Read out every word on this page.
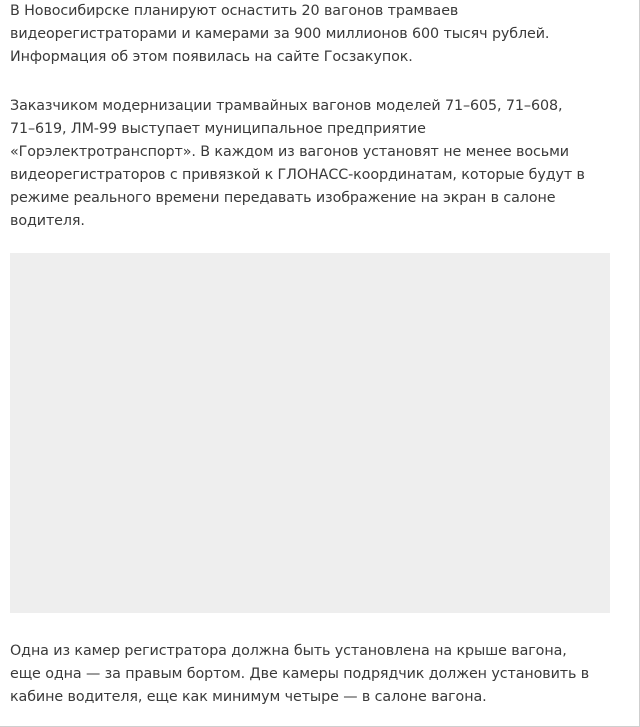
В Новосибирске планируют оснастить 20 вагонов трамваев
видеорегистраторами и камерами за 900 миллионов 600 тысяч рублей.
Информация об этом появилась на сайте Госзакупок.

Заказчиком модернизации трамвайных вагонов моделей 71–605, 71–608,
71–619, ЛМ-99 выступает муниципальное предприятие
«Горэлектротранспорт». В каждом из вагонов установят не менее восьми
видеорегистраторов с привязкой к ГЛОНАСС-координатам, которые будут в
режиме реального времени передавать изображение на экран в салоне
водителя.

Одна из камер регистратора должна быть установлена на крыше вагона,
еще одна — за правым бортом. Две камеры подрядчик должен установить в
кабине водителя, еще как минимум четыре — в салоне вагона.
